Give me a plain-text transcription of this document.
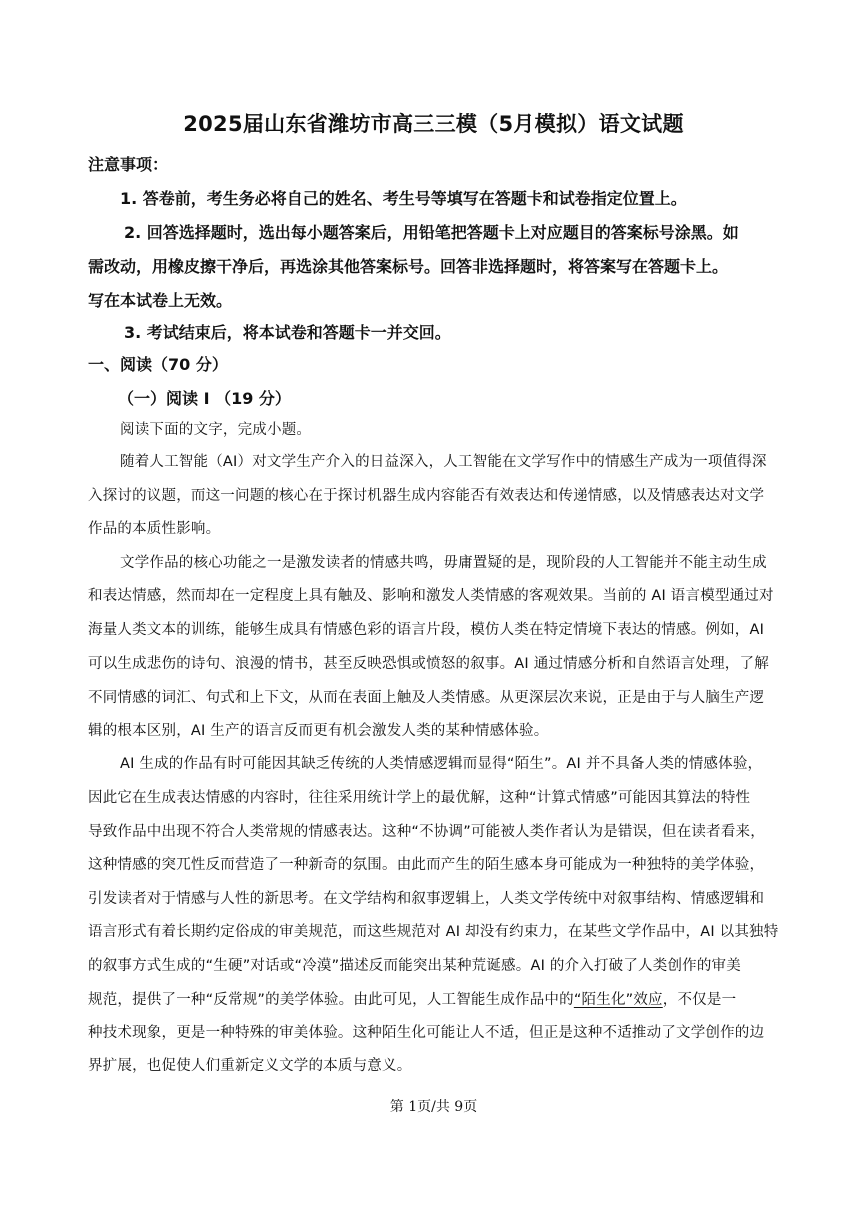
2025届山东省潍坊市高三三模（5月模拟）语文试题
注意事项：
1. 答卷前，考生务必将自己的姓名、考生号等填写在答题卡和试卷指定位置上。
2. 回答选择题时，选出每小题答案后，用铅笔把答题卡上对应题目的答案标号涂黑。如
需改动，用橡皮擦干净后，再选涂其他答案标号。回答非选择题时，将答案写在答题卡上。
写在本试卷上无效。
3. 考试结束后，将本试卷和答题卡一并交回。
一、阅读（70 分）
（一）阅读 I （19 分）
阅读下面的文字，完成小题。
随着人工智能（AI）对文学生产介入的日益深入，人工智能在文学写作中的情感生产成为一项值得深
入探讨的议题，而这一问题的核心在于探讨机器生成内容能否有效表达和传递情感，以及情感表达对文学
作品的本质性影响。
文学作品的核心功能之一是激发读者的情感共鸣，毋庸置疑的是，现阶段的人工智能并不能主动生成
和表达情感，然而却在一定程度上具有触及、影响和激发人类情感的客观效果。当前的 AI 语言模型通过对
海量人类文本的训练，能够生成具有情感色彩的语言片段，模仿人类在特定情境下表达的情感。例如，AI
可以生成悲伤的诗句、浪漫的情书，甚至反映恐惧或愤怒的叙事。AI 通过情感分析和自然语言处理，了解
不同情感的词汇、句式和上下文，从而在表面上触及人类情感。从更深层次来说，正是由于与人脑生产逻
辑的根本区别，AI 生产的语言反而更有机会激发人类的某种情感体验。
AI 生成的作品有时可能因其缺乏传统的人类情感逻辑而显得“陌生”。AI 并不具备人类的情感体验，
因此它在生成表达情感的内容时，往往采用统计学上的最优解，这种“计算式情感”可能因其算法的特性
导致作品中出现不符合人类常规的情感表达。这种“不协调”可能被人类作者认为是错误，但在读者看来，
这种情感的突兀性反而营造了一种新奇的氛围。由此而产生的陌生感本身可能成为一种独特的美学体验，
引发读者对于情感与人性的新思考。在文学结构和叙事逻辑上，人类文学传统中对叙事结构、情感逻辑和
语言形式有着长期约定俗成的审美规范，而这些规范对 AI 却没有约束力，在某些文学作品中，AI 以其独特
的叙事方式生成的“生硬”对话或“冷漠”描述反而能突出某种荒诞感。AI 的介入打破了人类创作的审美
规范，提供了一种“反常规”的美学体验。由此可见，人工智能生成作品中的“陌生化”效应，不仅是一
种技术现象，更是一种特殊的审美体验。这种陌生化可能让人不适，但正是这种不适推动了文学创作的边
界扩展，也促使人们重新定义文学的本质与意义。
第 1页/共 9页
